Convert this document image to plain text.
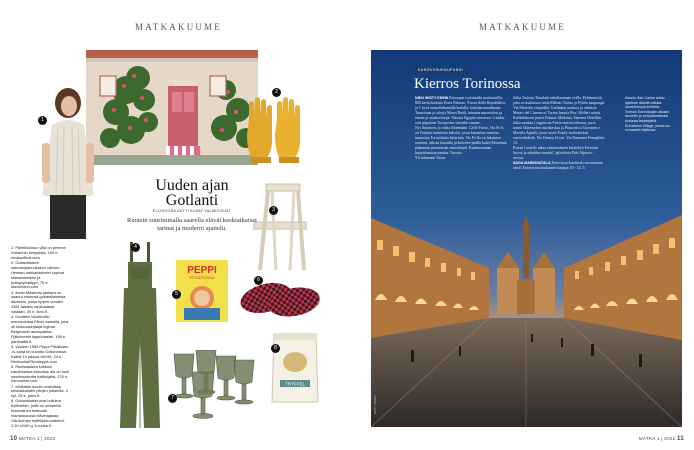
MATKAKUUME
1
2
3
4
PEPPI
PITKÄTOSSU
5
6
7
TRYFFEL
8
Uuden ajan
Gotlanti
ELLINOORA AUTTI KUVAT VALMISTAJAT
Ruotsin suurimmalla saarella elävät keskiaikaiset tarinat ja moderni ajattelu.

1. Palmikkoidun villa on perinne Gotlannin lampaista, 164 e, newlouffical.com.

2. Gotlantilaisen sahramipannukakun värisen Hestran nahkakäsineet sopivat rakastamiseen ja polkupyöräilyyn, 75 e, stockmann.com.

3. Ikean Mästerby-jakkara on saanut nimensä gotlantilaisesta alueesta, jossa kylpee vuoden 1381 taistelu tanskalaisia vastaan, 30 e, ikea.fi.

4. Kuvittele käveleväsi merenrantaa Fårön saarella, joka oli elokuvaohjaaja Ingmar Bergmanin asuinpaikka. Fjällrävenin lappuhaalari, 199 e, partioaitta.fi.

5. Vuoden 1969 Peppi Pitkätossu -tv-sarja on kuvattu Gotlannissa. Kaikki 13 jaksoa dvd:llä, 24 e, filmihuckleFilmateppa.com.

6. Ruotsalaisen kirkkoni kaudeksissa kasvatus ala on tuoli sienimaalautta hallitsijalta, 129 e, homuwear.com.

7. Idhildatin muoto moikottaa keskiaikaisten pitojen pikareita, 4 kpl, 25 e, jotex.fi.

8. Gotlantilaiset ovat hulluina tryffeleihin, joille on omistettu kokonainen festivaali marraskuussa elävinajasaa. Gärdschips tryffelipierunatuted, 3,10 e/150 g, k-ruoka.fi.

10 MATKA 1 | 2022
MATKAKUUME
EUROVIISUKAUPUNKI
Kierros Torinossa

NÄIN IHISTY ENSIN Euroopan ruotinnalla markaiseilla, 800 kerholuokista Porta Palazzo, Piazza della Repubblica, ja 1 hyvä tunnollakanuilla kadulla, taiteilan maailmaan. Tanssitaan jo tuhoja Musei Reali, tutustua museoiden ja tämän ja asiakorimoja. Tutustu Egyptin museoon. Lisäksi voit piipahtaa Torinoonin vieraille tamme.

Nyt ihmiseen, jo valaa lähtemään. Caffè Fiorio, Via Po 8, on Torinon tunnetuin kahvila, jossa kannattaa maistaa tunnettua Torinolaista bicerinia. Via Po:lla on lukuisten osoiteet. Jaksaa lomailla ja kaivelee päällä kuten Monolani päämmän perusterien sinivehmeä. Kauhusomaan harjoittamista nauttia. Tavoita.

Yli tuhannen Tussa.

Jatka Torinon Tiinalahi sukellaamaan ovilla. Pyhimmisiä, joka on kuuluisan ristiä Milano-Torino ja Pyhän kaupungit Via Morettin ympäriltä. Gotlannin jouluna ja vetkasta Museo del Cinema of Torino Inesita Pier, Mölleri seinät. Kielkelainein juuret Palazzo Madama, Sanoma Hotelliin.

Jatka matkaa Lingottoon Fiatin entisen tehtaan, jossa toimii lihjeenyhte ostoskeskus ja Pinacoteca Giovanni e Marella Agnelli, jossa myös Eataly-ruokakeskus ostosviihdettä. Via Ormea 14 tiet. Via Ermanno Fenoglietti 12.

Piazza Castello alkaa ensimmäinen käsiteltyä Ferrariin luovat ja tuhotkin sanoisi!, jalotoksia Palo Alpinoa - arvosa.

SAGA MARIGNATALA Euroviisut kotoisesti suvaittuunn tämä. Eurovision kaukainen kaapua 10 - 14. 5.

Kaunis San Carlon aukio sijaitsee lähellä kaikkia tunnetuimpia kohteita. Torinon Euroviisujen aikaan tunnettu ja pohjoismaiseksi korkeaa festaripiiriä. Eurovision Village, joissa on runsaasti ohjelmaa.
GETTY IMAGES
MATKA 1 | 2022 11
